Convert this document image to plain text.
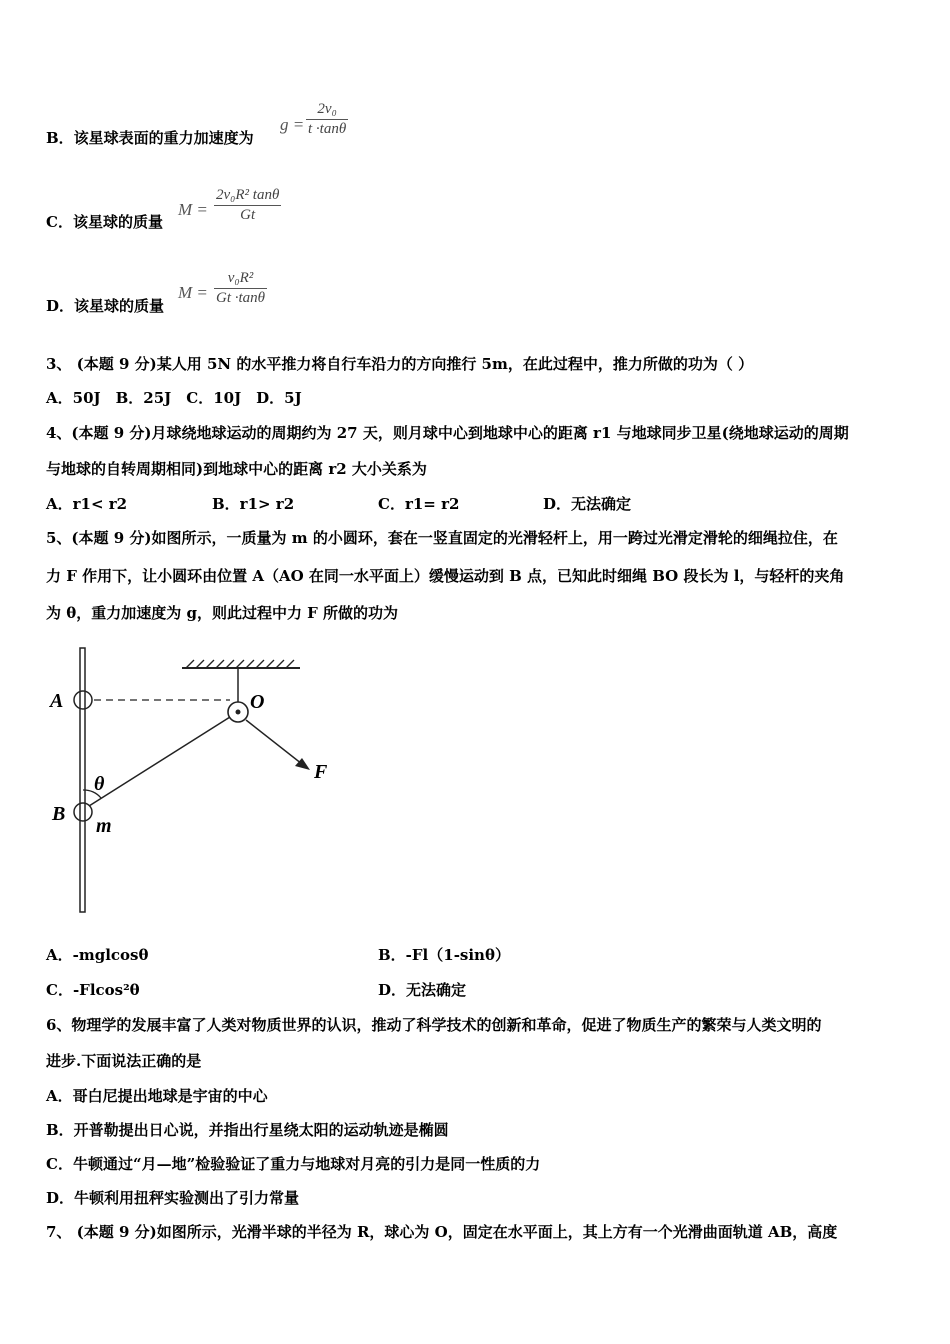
B．该星球表面的重力加速度为
g =
2v₀
t ·tanθ
C．该星球的质量
M =
2v₀R² tanθ
Gt
D．该星球的质量
M =
v₀R²
Gt ·tanθ
3、 (本题 9 分)某人用 5N 的水平推力将自行车沿力的方向推行 5m，在此过程中，推力所做的功为（ ）
A．50J　B．25J　C．10J　D．5J
4、(本题 9 分)月球绕地球运动的周期约为 27 天，则月球中心到地球中心的距离 r1 与地球同步卫星(绕地球运动的周期
与地球的自转周期相同)到地球中心的距离 r2 大小关系为
A．r1< r2	B．r1> r2	C．r1= r2	D．无法确定
5、(本题 9 分)如图所示，一质量为 m 的小圆环，套在一竖直固定的光滑轻杆上，用一跨过光滑定滑轮的细绳拉住，在
力 F 作用下，让小圆环由位置 A（AO 在同一水平面上）缓慢运动到 B 点，已知此时细绳 BO 段长为 l，与轻杆的夹角
为 θ，重力加速度为 g，则此过程中力 F 所做的功为
A
B
O
F
θ
m
A．-mglcosθ	B．-Fl（1-sinθ）
C．-Flcos²θ	D．无法确定
6、物理学的发展丰富了人类对物质世界的认识，推动了科学技术的创新和革命，促进了物质生产的繁荣与人类文明的
进步.下面说法正确的是
A．哥白尼提出地球是宇宙的中心
B．开普勒提出日心说，并指出行星绕太阳的运动轨迹是椭圆
C．牛顿通过“月—地”检验验证了重力与地球对月亮的引力是同一性质的力
D．牛顿利用扭秤实验测出了引力常量
7、 (本题 9 分)如图所示，光滑半球的半径为 R，球心为 O，固定在水平面上，其上方有一个光滑曲面轨道 AB，高度
